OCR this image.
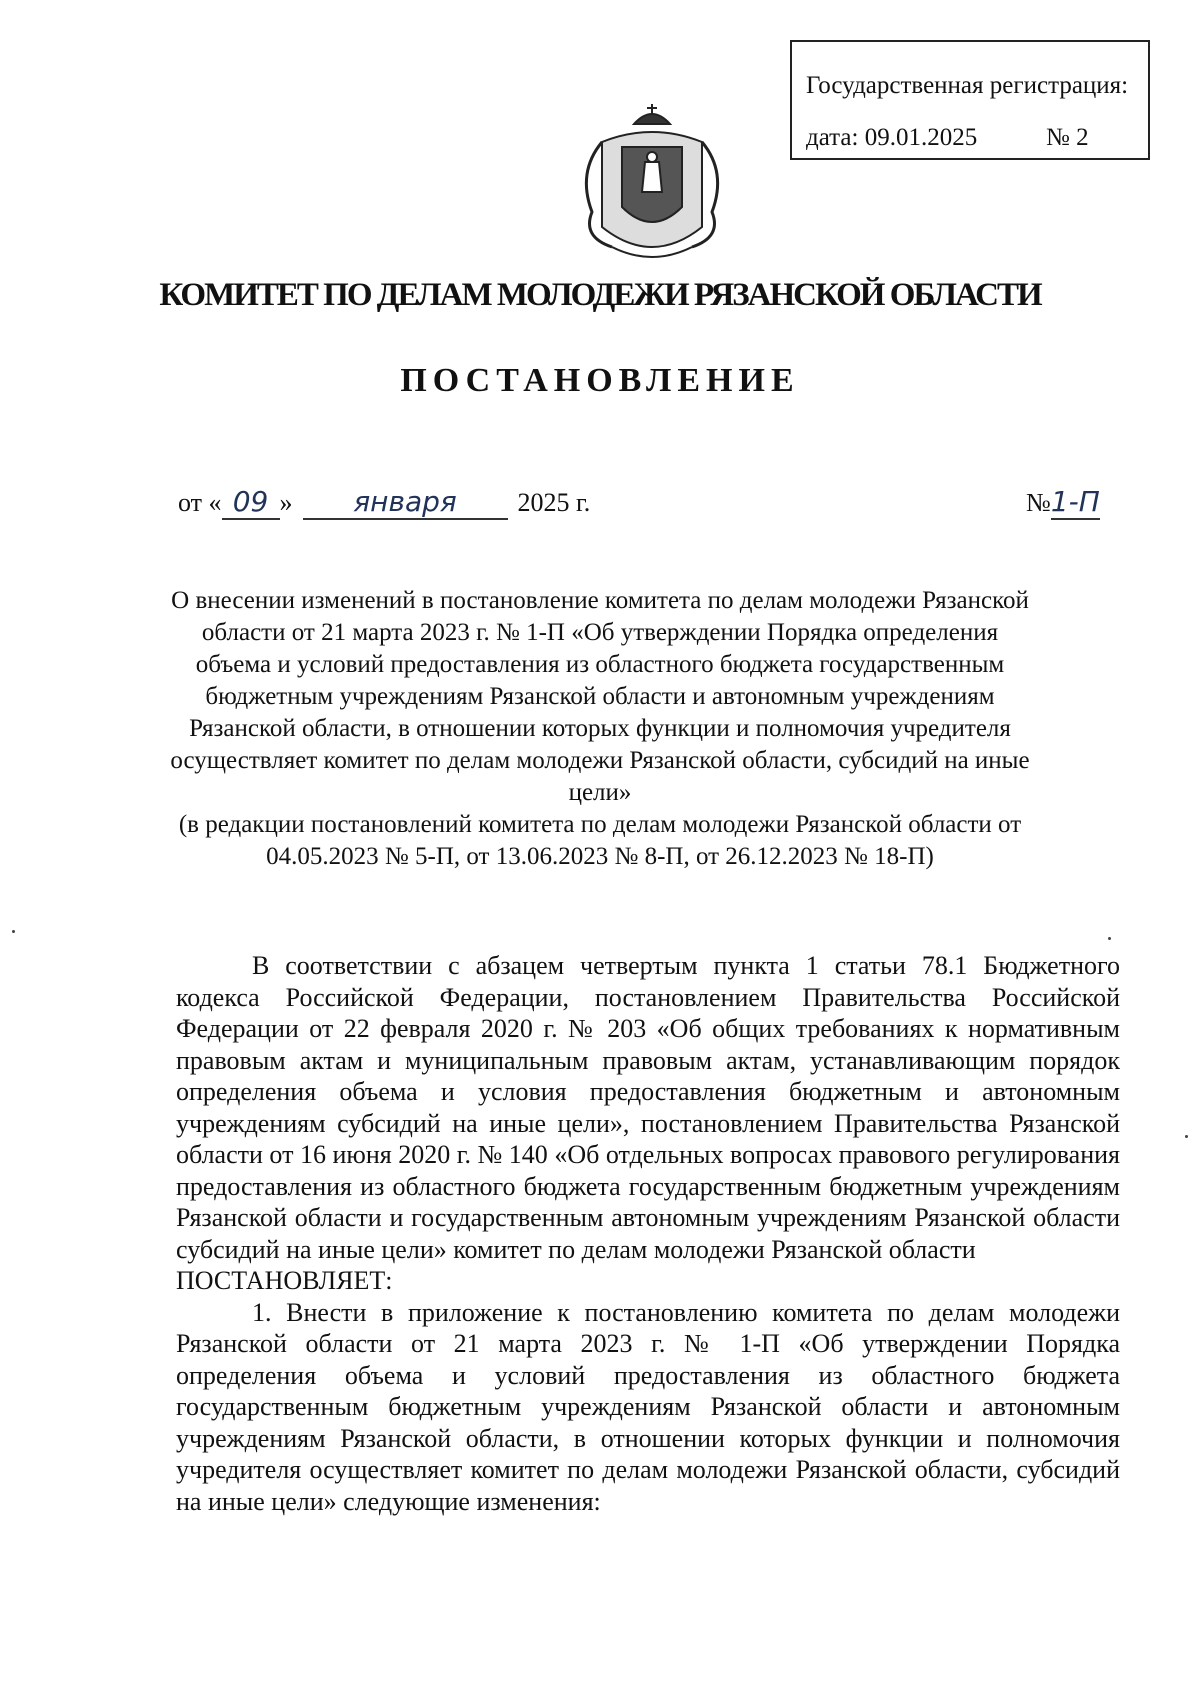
Государственная регистрация:
дата: 09.01.2025	№ 2
КОМИТЕТ ПО ДЕЛАМ МОЛОДЕЖИ РЯЗАНСКОЙ ОБЛАСТИ
ПОСТАНОВЛЕНИЕ
от « 09 » января 2025 г.	№1-П
О внесении изменений в постановление комитета по делам молодежи Рязанской области от 21 марта 2023 г. № 1-П «Об утверждении Порядка определения объема и условий предоставления из областного бюджета государственным бюджетным учреждениям Рязанской области и автономным учреждениям Рязанской области, в отношении которых функции и полномочия учредителя осуществляет комитет по делам молодежи Рязанской области, субсидий на иные цели»
(в редакции постановлений комитета по делам молодежи Рязанской области от 04.05.2023 № 5-П, от 13.06.2023 № 8-П, от 26.12.2023 № 18-П)

В соответствии с абзацем четвертым пункта 1 статьи 78.1 Бюджетного кодекса Российской Федерации, постановлением Правительства Российской Федерации от 22 февраля 2020 г. № 203 «Об общих требованиях к нормативным правовым актам и муниципальным правовым актам, устанавливающим порядок определения объема и условия предоставления бюджетным и автономным учреждениям субсидий на иные цели», постановлением Правительства Рязанской области от 16 июня 2020 г. № 140 «Об отдельных вопросах правового регулирования предоставления из областного бюджета государственным бюджетным учреждениям Рязанской области и государственным автономным учреждениям Рязанской области субсидий на иные цели» комитет по делам молодежи Рязанской области

ПОСТАНОВЛЯЕТ:

1. Внести в приложение к постановлению комитета по делам молодежи Рязанской области от 21 марта 2023 г. № 1-П «Об утверждении Порядка определения объема и условий предоставления из областного бюджета государственным бюджетным учреждениям Рязанской области и автономным учреждениям Рязанской области, в отношении которых функции и полномочия учредителя осуществляет комитет по делам молодежи Рязанской области, субсидий на иные цели» следующие изменения:
